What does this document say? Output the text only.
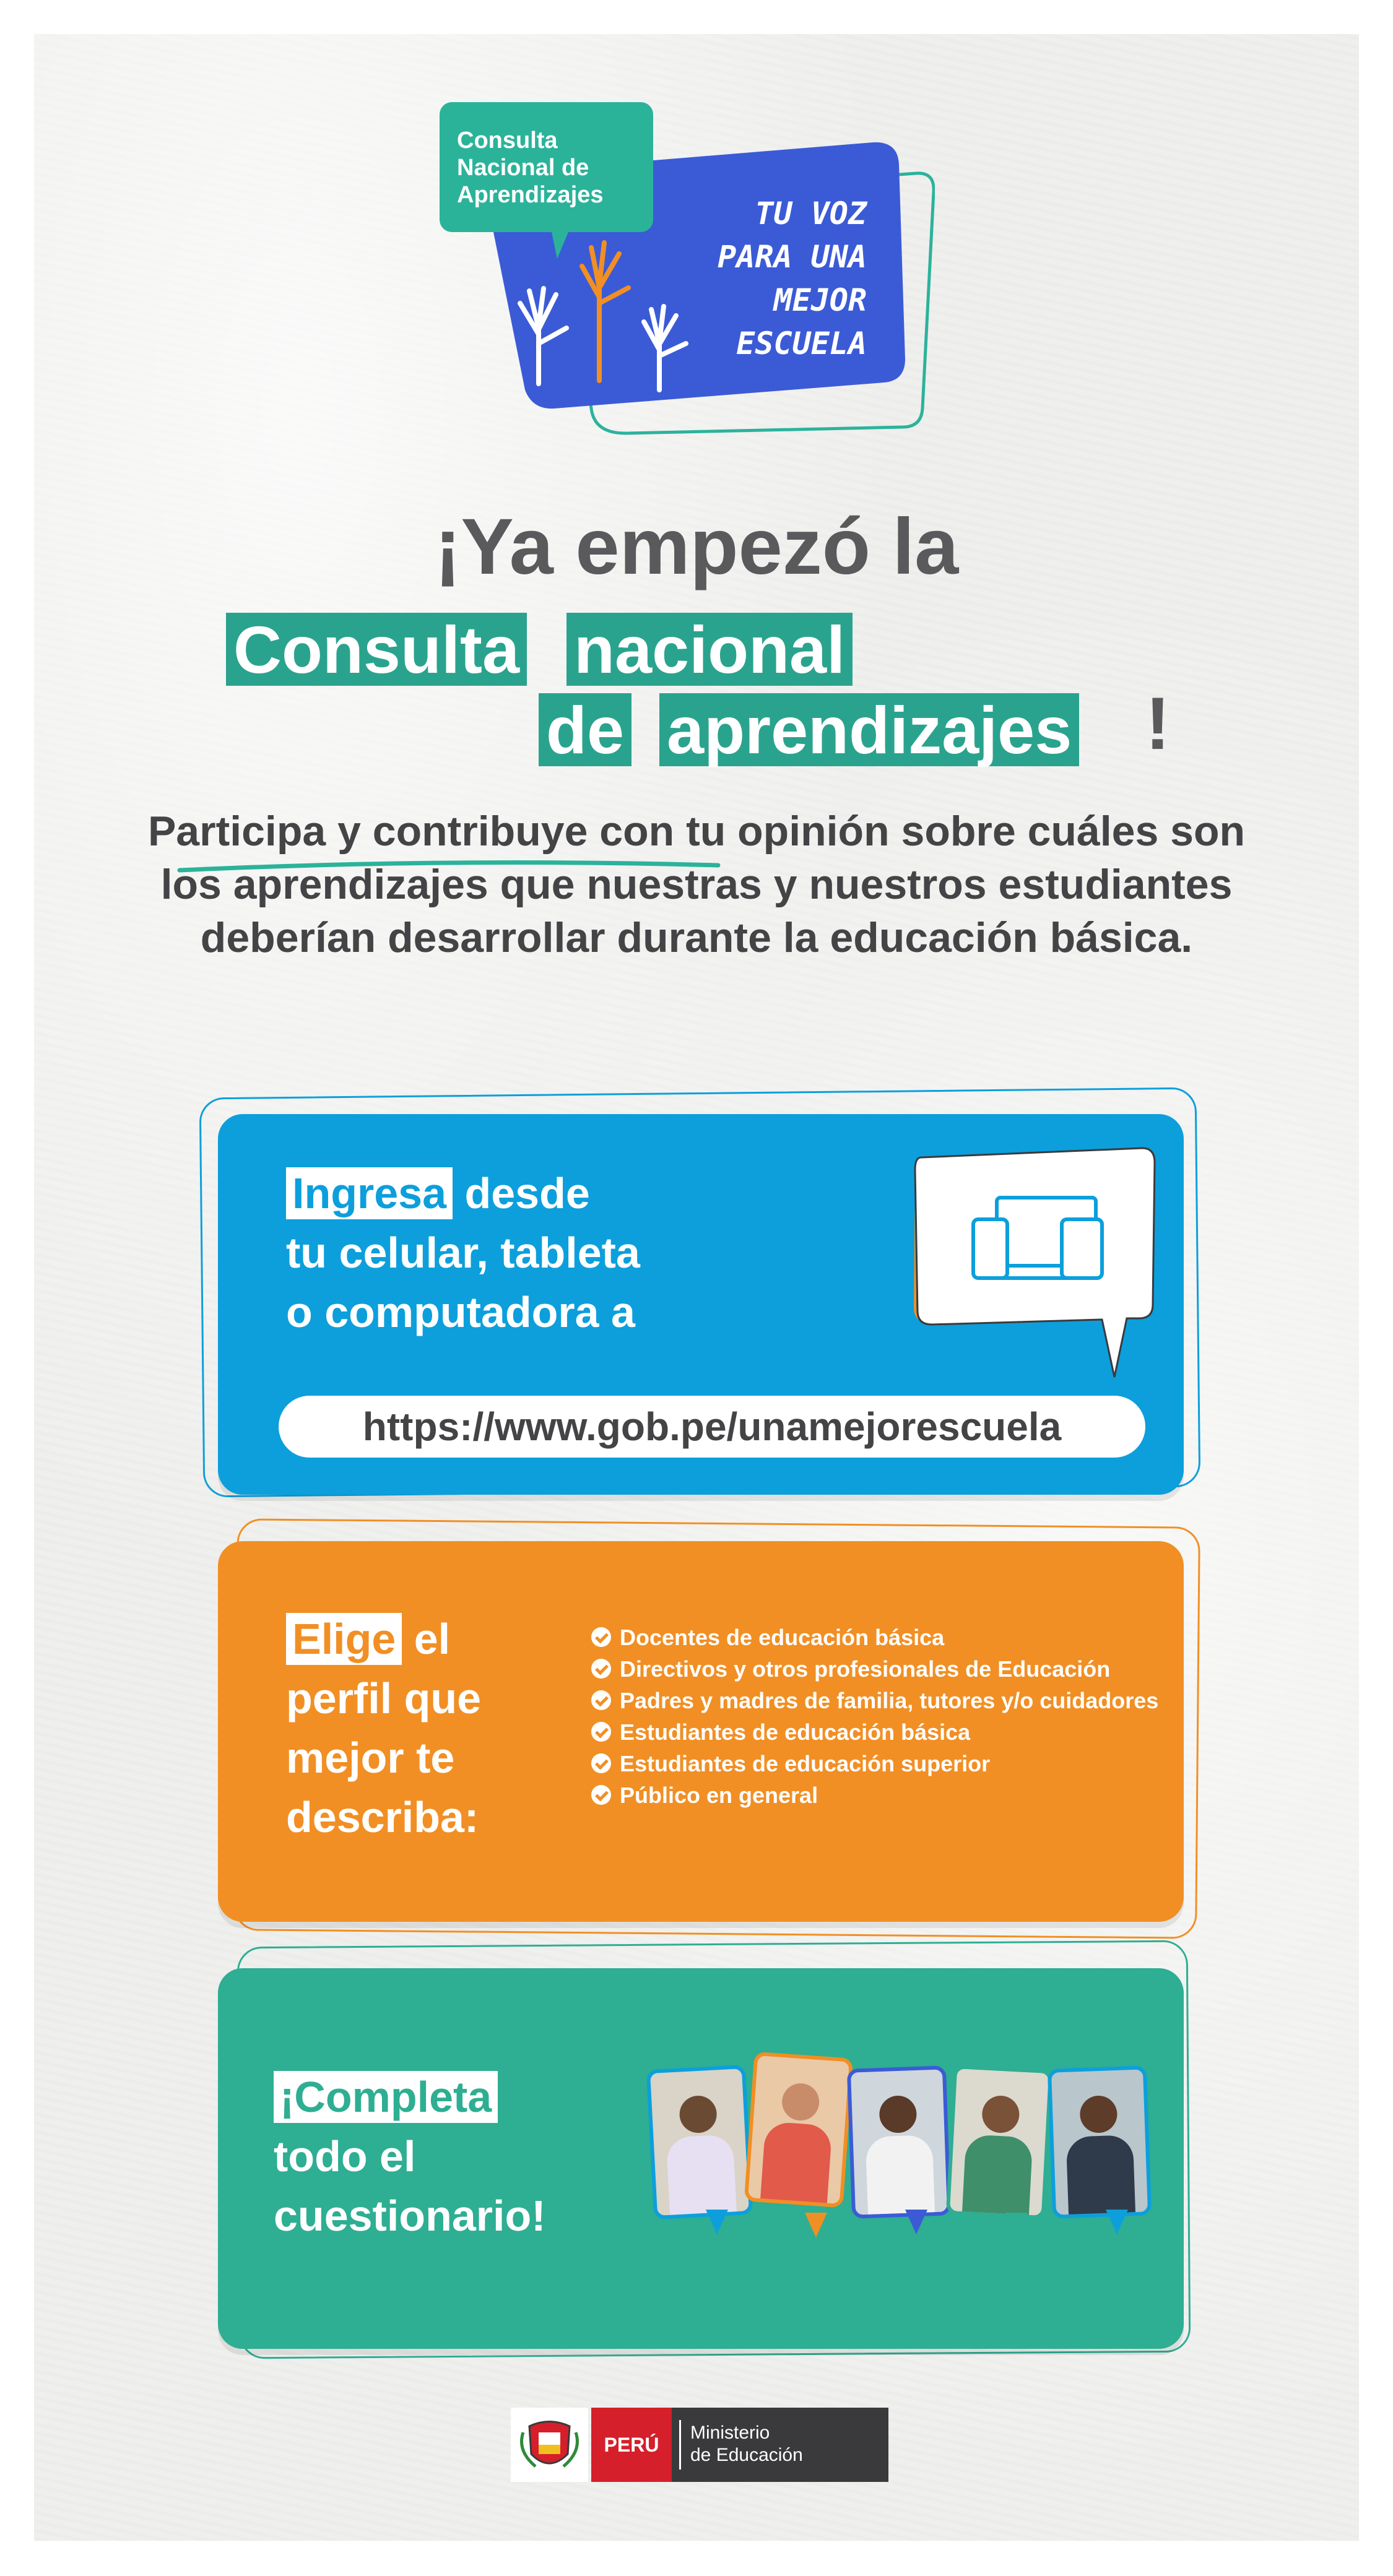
Consulta Nacional de Aprendizajes
TU VOZ
PARA UNA
MEJOR
ESCUELA
¡Ya empezó la
Consulta nacional
de aprendizajes !
Participa y contribuye con tu opinión sobre cuáles son los aprendizajes que nuestras y nuestros estudiantes deberían desarrollar durante la educación básica.
Ingresa desde
tu celular, tableta
o computadora a
https://www.gob.pe/unamejorescuela
Elige el
perfil que
mejor te
describa:
Docentes de educación básica
Directivos y otros profesionales de Educación
Padres y madres de familia, tutores y/o cuidadores
Estudiantes de educación básica
Estudiantes de educación superior
Público en general
¡Completa
todo el
cuestionario!
PERÚ
Ministerio
de Educación
